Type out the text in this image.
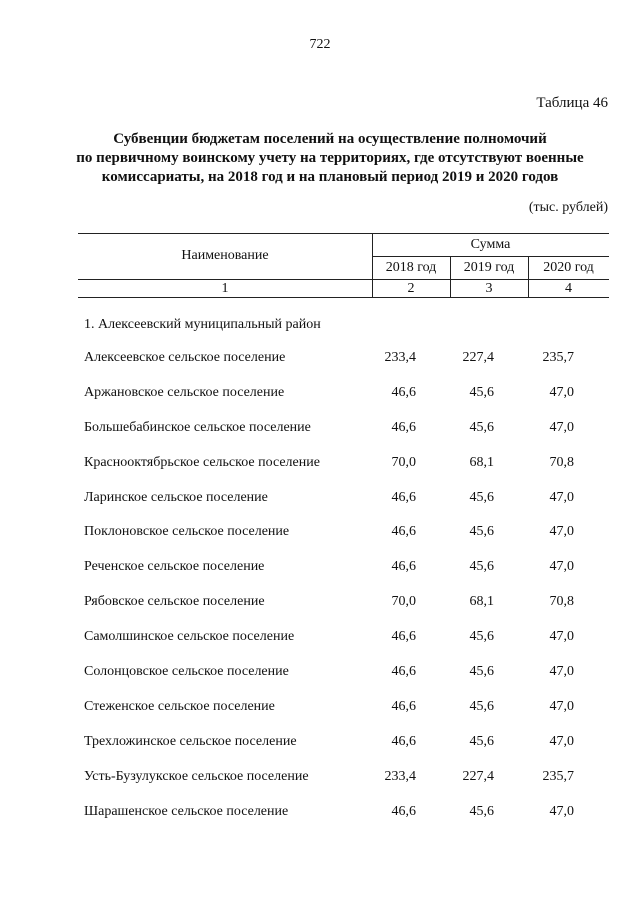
722
Таблица 46
Субвенции бюджетам поселений на осуществление полномочий
по первичному воинскому учету на территориях, где отсутствуют военные
комиссариаты, на 2018 год и на плановый период 2019 и 2020 годов
(тыс. рублей)
Наименование
Сумма
2018 год	2019 год	2020 год
1	2	3	4
1. Алексеевский муниципальный район
Алексеевское сельское поселение	233,4	227,4	235,7
Аржановское сельское поселение	46,6	45,6	47,0
Большебабинское сельское поселение	46,6	45,6	47,0
Краснооктябрьское сельское поселение	70,0	68,1	70,8
Ларинское сельское поселение	46,6	45,6	47,0
Поклоновское сельское поселение	46,6	45,6	47,0
Реченское сельское поселение	46,6	45,6	47,0
Рябовское сельское поселение	70,0	68,1	70,8
Самолшинское сельское поселение	46,6	45,6	47,0
Солонцовское сельское поселение	46,6	45,6	47,0
Стеженское сельское поселение	46,6	45,6	47,0
Трехложинское сельское поселение	46,6	45,6	47,0
Усть-Бузулукское сельское поселение	233,4	227,4	235,7
Шарашенское сельское поселение	46,6	45,6	47,0
